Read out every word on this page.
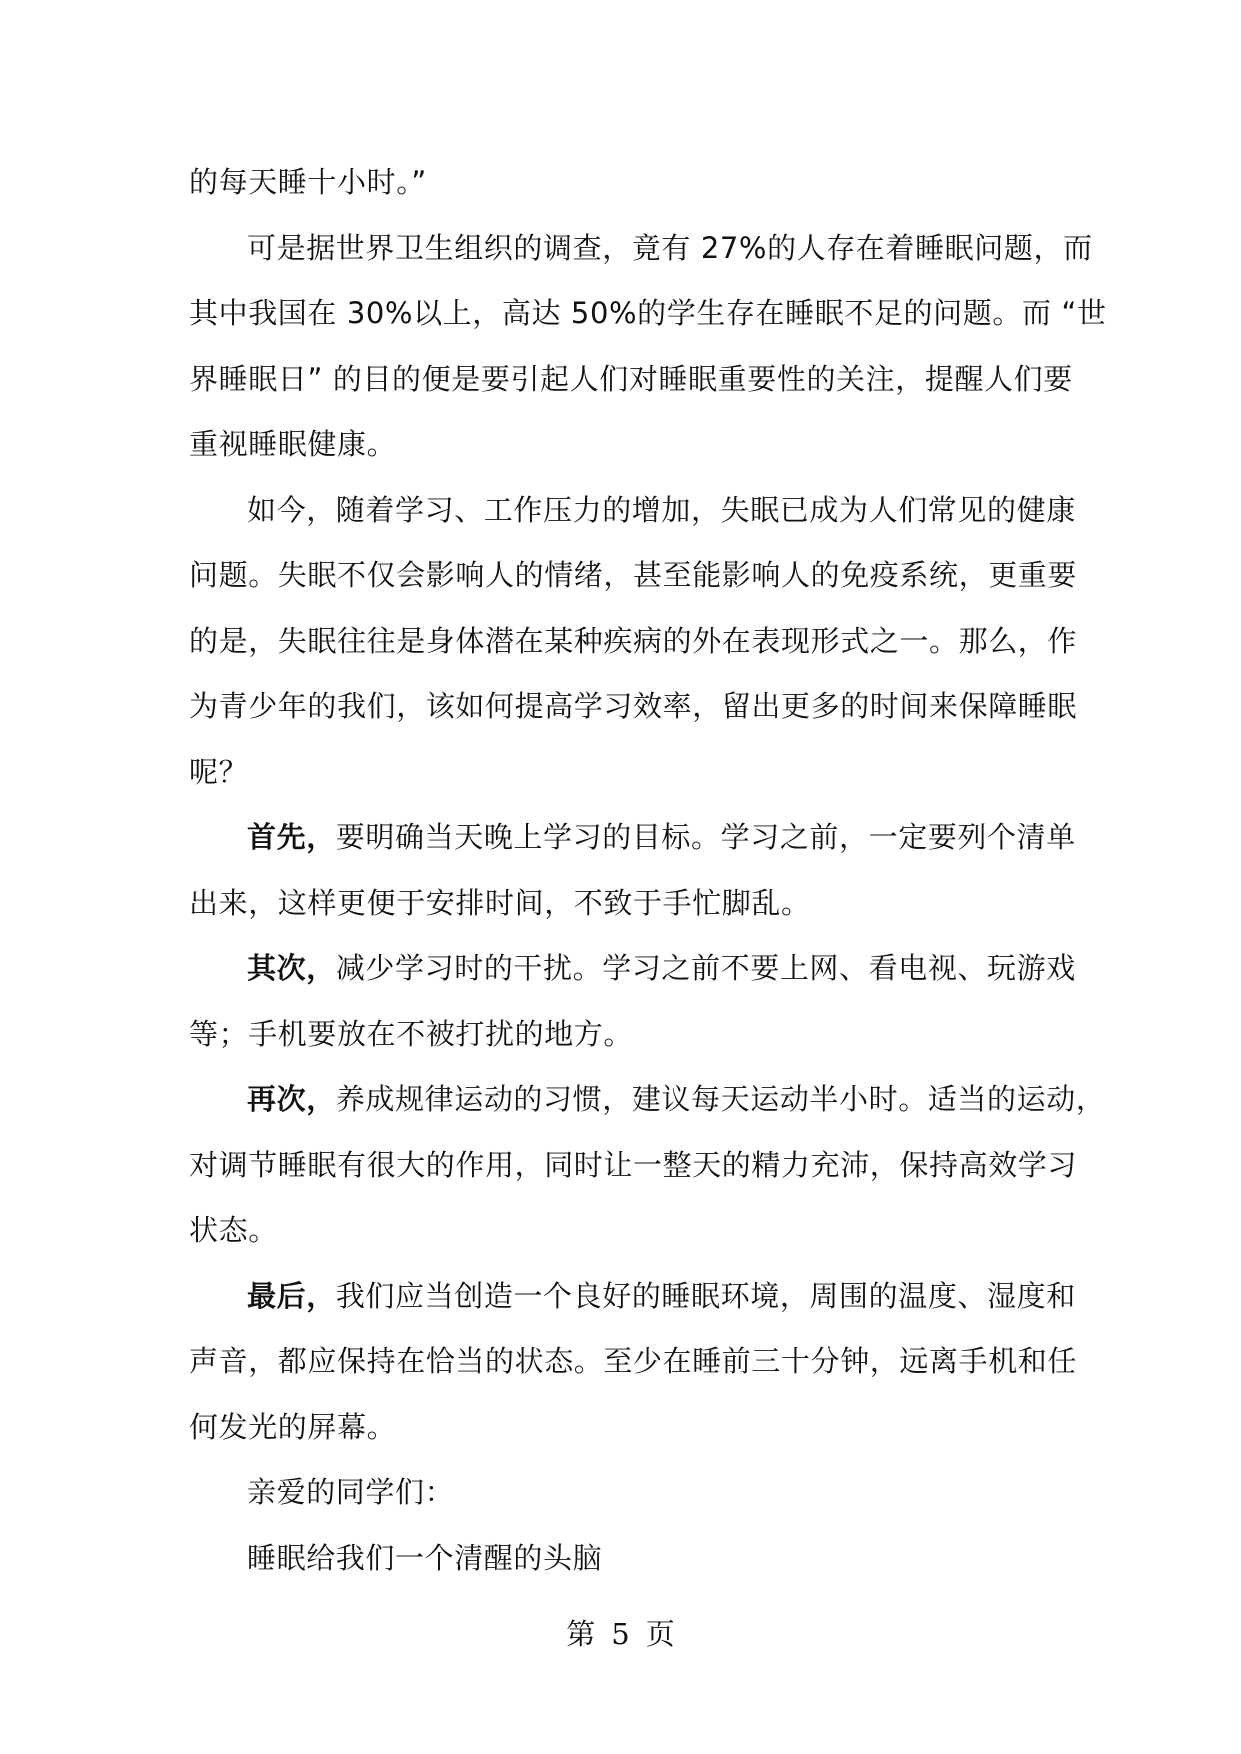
的每天睡十小时。”
可是据世界卫生组织的调查，竟有 27%的人存在着睡眠问题，而
其中我国在 30%以上，高达 50%的学生存在睡眠不足的问题。而 “世
界睡眠日” 的目的便是要引起人们对睡眠重要性的关注，提醒人们要
重视睡眠健康。
如今，随着学习、工作压力的增加，失眠已成为人们常见的健康
问题。失眠不仅会影响人的情绪，甚至能影响人的免疫系统，更重要
的是，失眠往往是身体潜在某种疾病的外在表现形式之一。那么，作
为青少年的我们，该如何提高学习效率，留出更多的时间来保障睡眠
呢？
首先，要明确当天晚上学习的目标。学习之前，一定要列个清单
出来，这样更便于安排时间，不致于手忙脚乱。
其次，减少学习时的干扰。学习之前不要上网、看电视、玩游戏
等；手机要放在不被打扰的地方。
再次，养成规律运动的习惯，建议每天运动半小时。适当的运动，
对调节睡眠有很大的作用，同时让一整天的精力充沛，保持高效学习
状态。
最后，我们应当创造一个良好的睡眠环境，周围的温度、湿度和
声音，都应保持在恰当的状态。至少在睡前三十分钟，远离手机和任
何发光的屏幕。
亲爱的同学们：
睡眠给我们一个清醒的头脑
第 5 页
